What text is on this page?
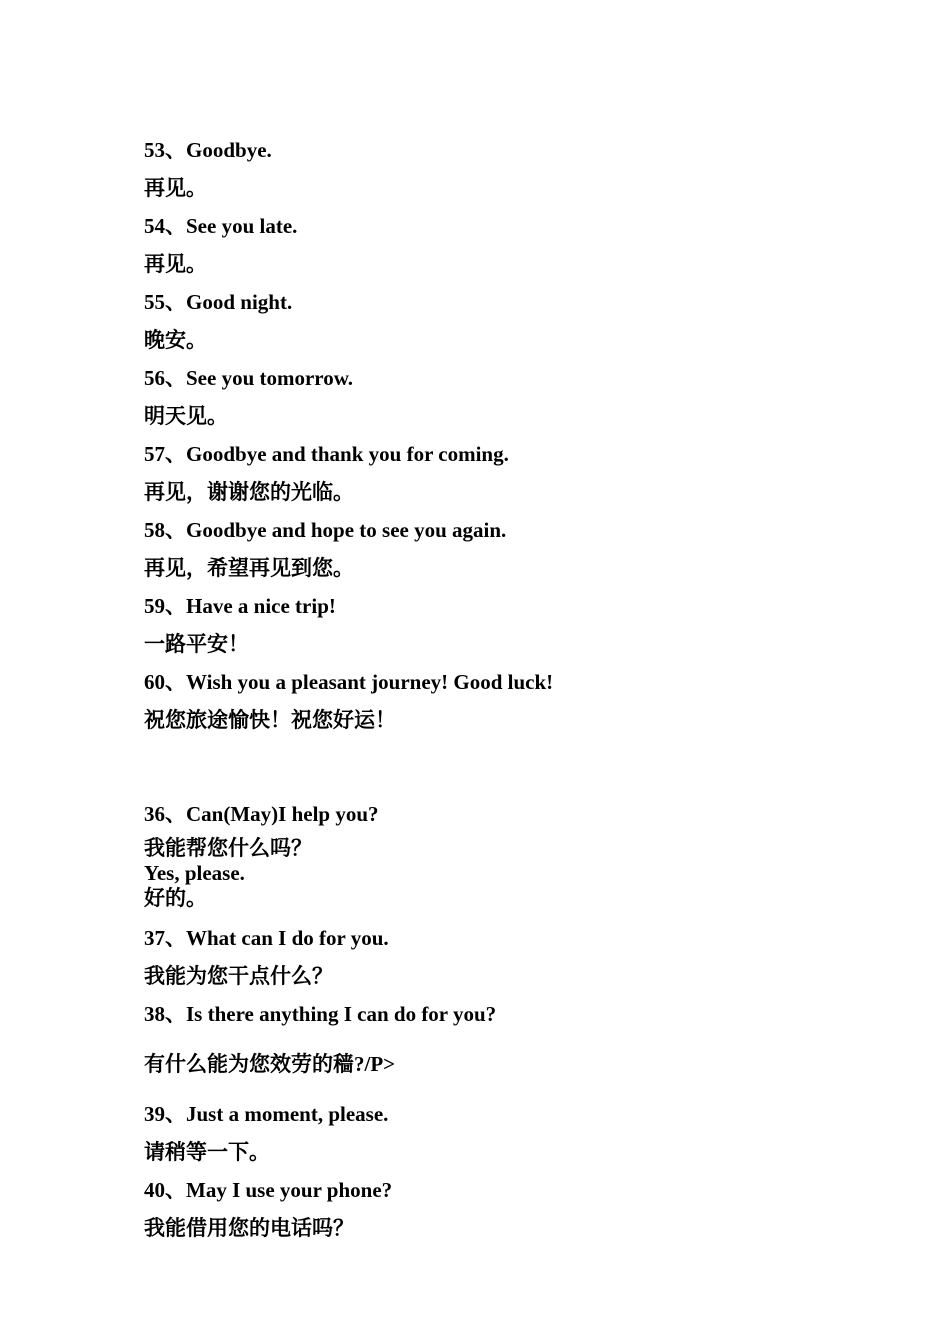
53、Goodbye.
再见。
54、See you late.
再见。
55、Good night.
晚安。
56、See you tomorrow.
明天见。
57、Goodbye and thank you for coming.
再见，谢谢您的光临。
58、Goodbye and hope to see you again.
再见，希望再见到您。
59、Have a nice trip!
一路平安！
60、Wish you a pleasant journey! Good luck!
祝您旅途愉快！祝您好运！
36、Can(May)I help you?
我能帮您什么吗？
Yes, please.
好的。
37、What can I do for you.
我能为您干点什么？
38、Is there anything I can do for you?
有什么能为您效劳的穑?/P>
39、Just a moment, please.
请稍等一下。
40、May I use your phone?
我能借用您的电话吗？
